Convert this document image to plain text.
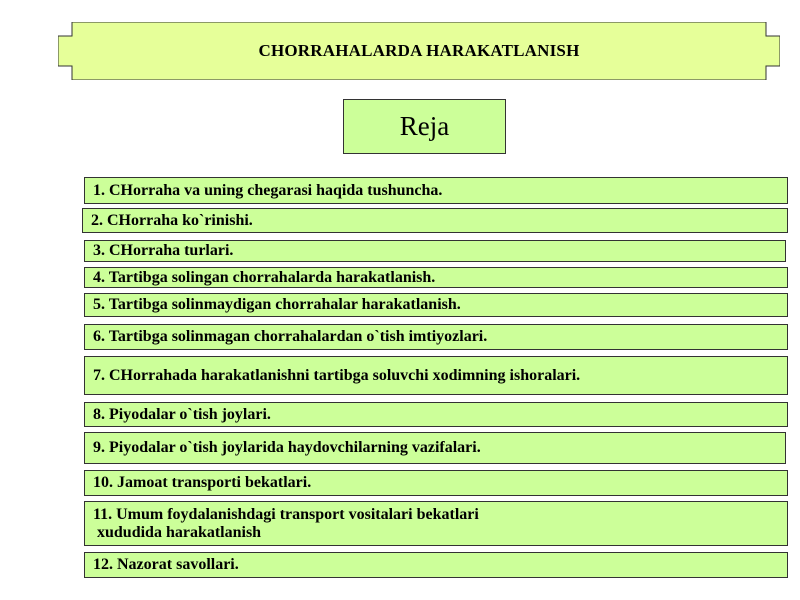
CHORRAHALARDA HARAKATLANISH
Reja
1. CHorraha va uning chegarasi haqida tushuncha.
2. CHorraha ko`rinishi.
3. CHorraha turlari.
4. Tartibga solingan chorrahalarda harakatlanish.
5. Tartibga solinmaydigan chorrahalar harakatlanish.
6. Tartibga solinmagan chorrahalardan o`tish imtiyozlari.
7. CHorrahada harakatlanishni tartibga soluvchi xodimning ishoralari.
8. Piyodalar o`tish joylari.
9. Piyodalar o`tish joylarida haydovchilarning vazifalari.
10. Jamoat transporti bekatlari.
11. Umum foydalanishdagi transport vositalari bekatlari
xududida harakatlanish
12. Nazorat savollari.
